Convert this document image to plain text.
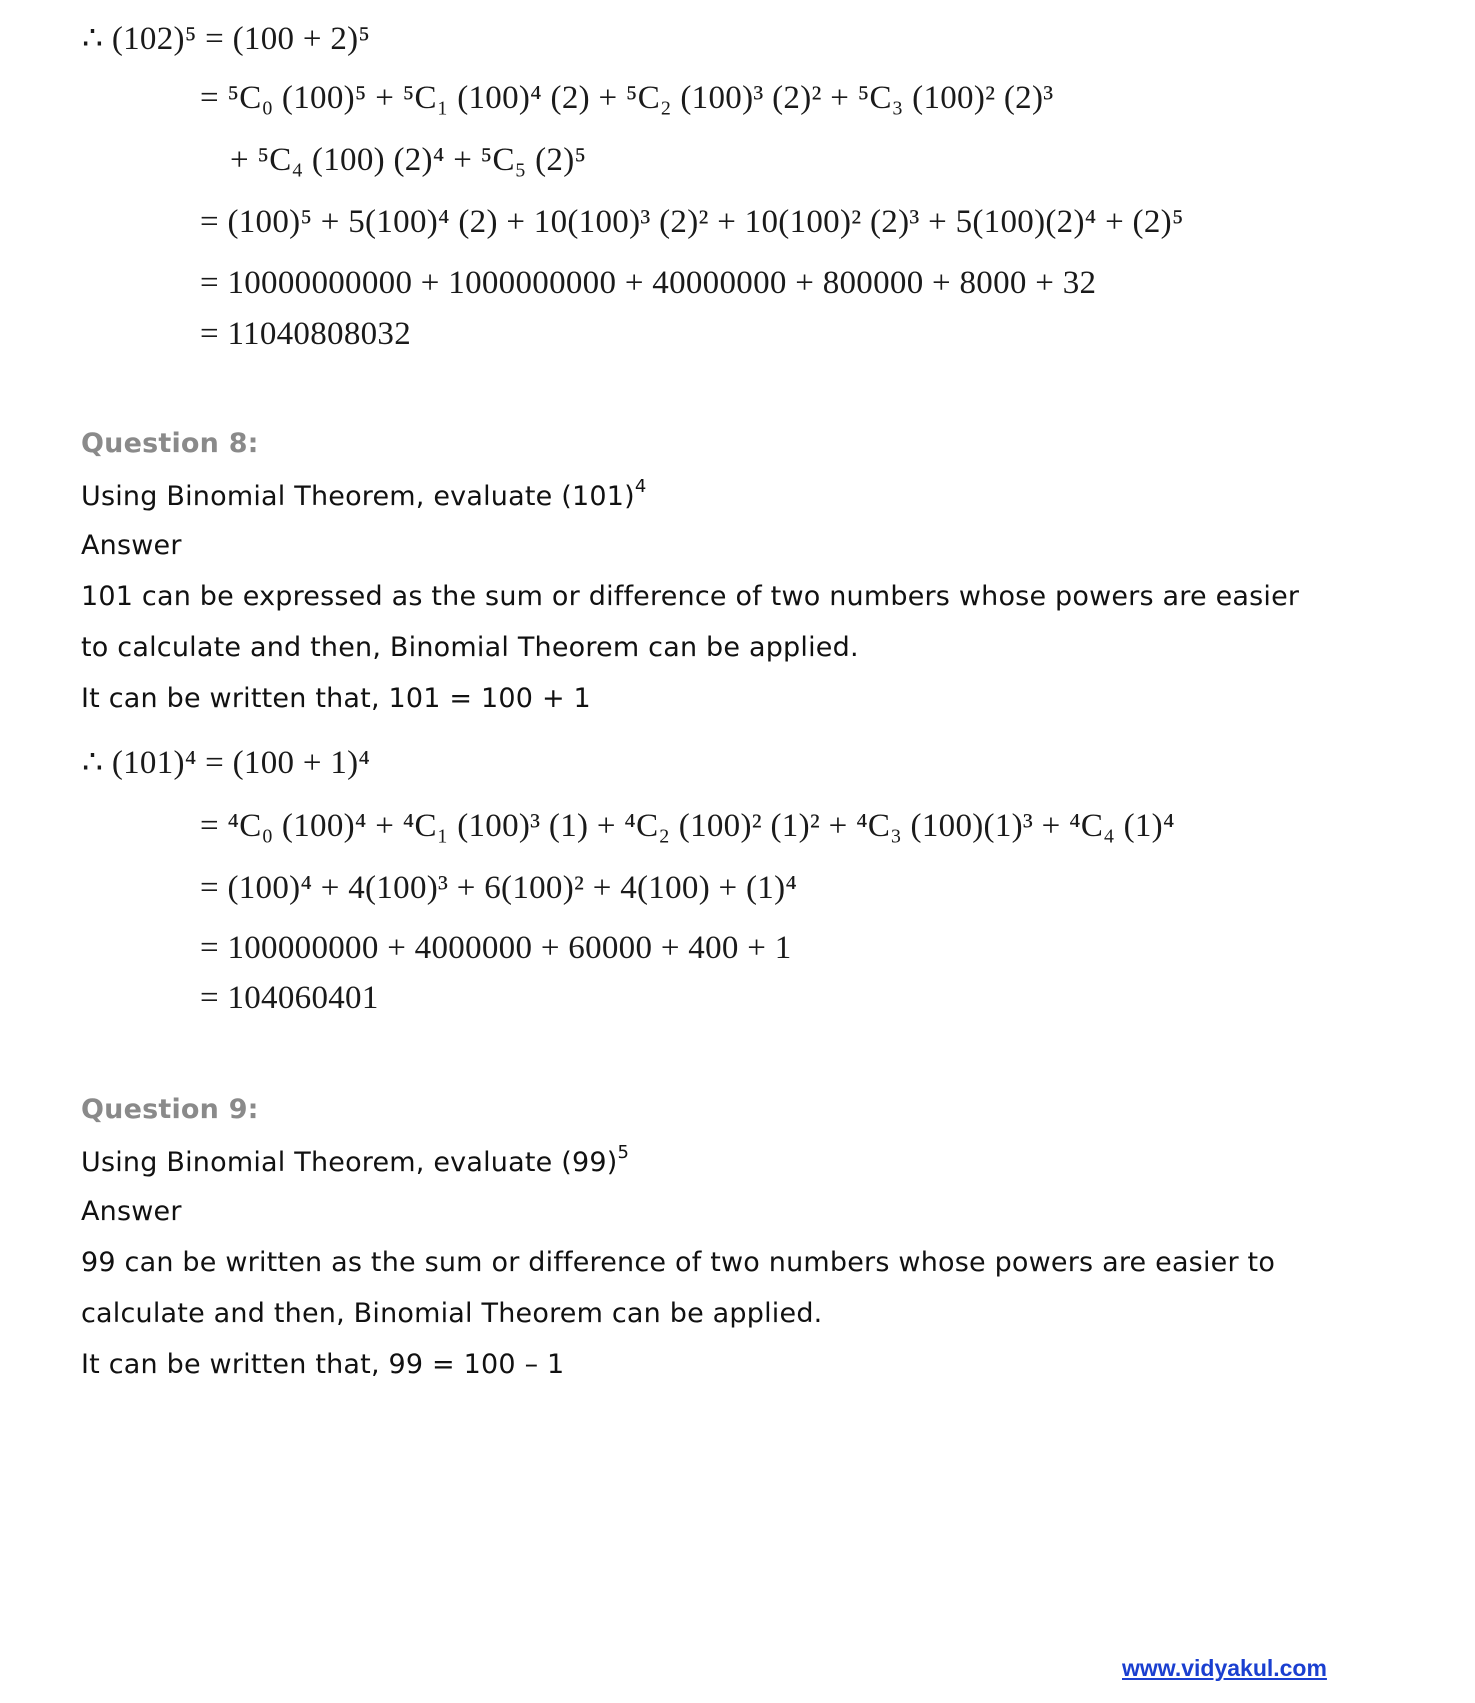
∴ (102)⁵ = (100 + 2)⁵
= ⁵C₀ (100)⁵ + ⁵C₁ (100)⁴ (2) + ⁵C₂ (100)³ (2)² + ⁵C₃ (100)² (2)³
+ ⁵C₄ (100) (2)⁴ + ⁵C₅ (2)⁵
= (100)⁵ + 5(100)⁴ (2) + 10(100)³ (2)² + 10(100)² (2)³ + 5(100)(2)⁴ + (2)⁵
= 10000000000 + 1000000000 + 40000000 + 800000 + 8000 + 32
= 11040808032
Question 8:
Using Binomial Theorem, evaluate $(101)^4$
Answer
101 can be expressed as the sum or difference of two numbers whose powers are easier
to calculate and then, Binomial Theorem can be applied.
It can be written that, 101 = 100 + 1
∴ (101)⁴ = (100 + 1)⁴
= ⁴C₀ (100)⁴ + ⁴C₁ (100)³ (1) + ⁴C₂ (100)² (1)² + ⁴C₃ (100)(1)³ + ⁴C₄ (1)⁴
= (100)⁴ + 4(100)³ + 6(100)² + 4(100) + (1)⁴
= 100000000 + 4000000 + 60000 + 400 + 1
= 104060401
Question 9:
Using Binomial Theorem, evaluate $(99)^5$
Answer
99 can be written as the sum or difference of two numbers whose powers are easier to
calculate and then, Binomial Theorem can be applied.
It can be written that, 99 = 100 – 1
www.vidyakul.com
